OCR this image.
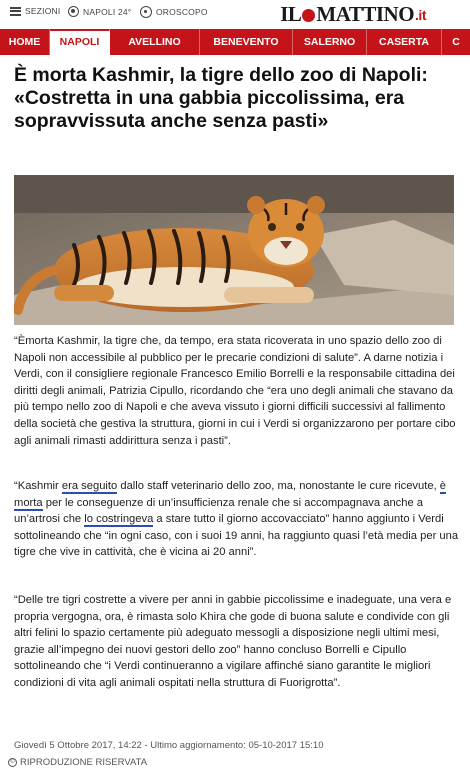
SEZIONI	NAPOLI 24°	OROSCOPO	IL MATTINO .it
HOME	NAPOLI	AVELLINO	BENEVENTO	SALERNO	CASERTA	C
È morta Kashmir, la tigre dello zoo di Napoli: «Costretta in una gabbia piccolissima, era sopravvissuta anche senza pasti»

“Èmorta Kashmir, la tigre che, da tempo, era stata ricoverata in uno spazio dello zoo di Napoli non accessibile al pubblico per le precarie condizioni di salute”. A darne notizia i Verdi, con il consigliere regionale Francesco Emilio Borrelli e la responsabile cittadina dei diritti degli animali, Patrizia Cipullo, ricordando che “era uno degli animali che stavano da più tempo nello zoo di Napoli e che aveva vissuto i giorni difficili successivi al fallimento della società che gestiva la struttura, giorni in cui i Verdi si organizzarono per portare cibo agli animali rimasti addirittura senza i pasti”.

“Kashmir era seguito dallo staff veterinario dello zoo, ma, nonostante le cure ricevute, è morta per le conseguenze di un’insufficienza renale che si accompagnava anche a un’artrosi che lo costringeva a stare tutto il giorno accovacciato” hanno aggiunto i Verdi sottolineando che “in ogni caso, con i suoi 19 anni, ha raggiunto quasi l’età media per una tigre che vive in cattività, che è vicina ai 20 anni”.

“Delle tre tigri costrette a vivere per anni in gabbie piccolissime e inadeguate, una vera e propria vergogna, ora, è rimasta solo Khira che gode di buona salute e condivide con gli altri felini lo spazio certamente più adeguato messogli a disposizione negli ultimi mesi, grazie all’impegno dei nuovi gestori dello zoo” hanno concluso Borrelli e Cipullo sottolineando che “i Verdi continueranno a vigilare affinché siano garantite le migliori condizioni di vita agli animali ospitati nella struttura di Fuorigrotta”.

Giovedì 5 Ottobre 2017, 14:22 - Ultimo aggiornamento: 05-10-2017 15:10
© RIPRODUZIONE RISERVATA
